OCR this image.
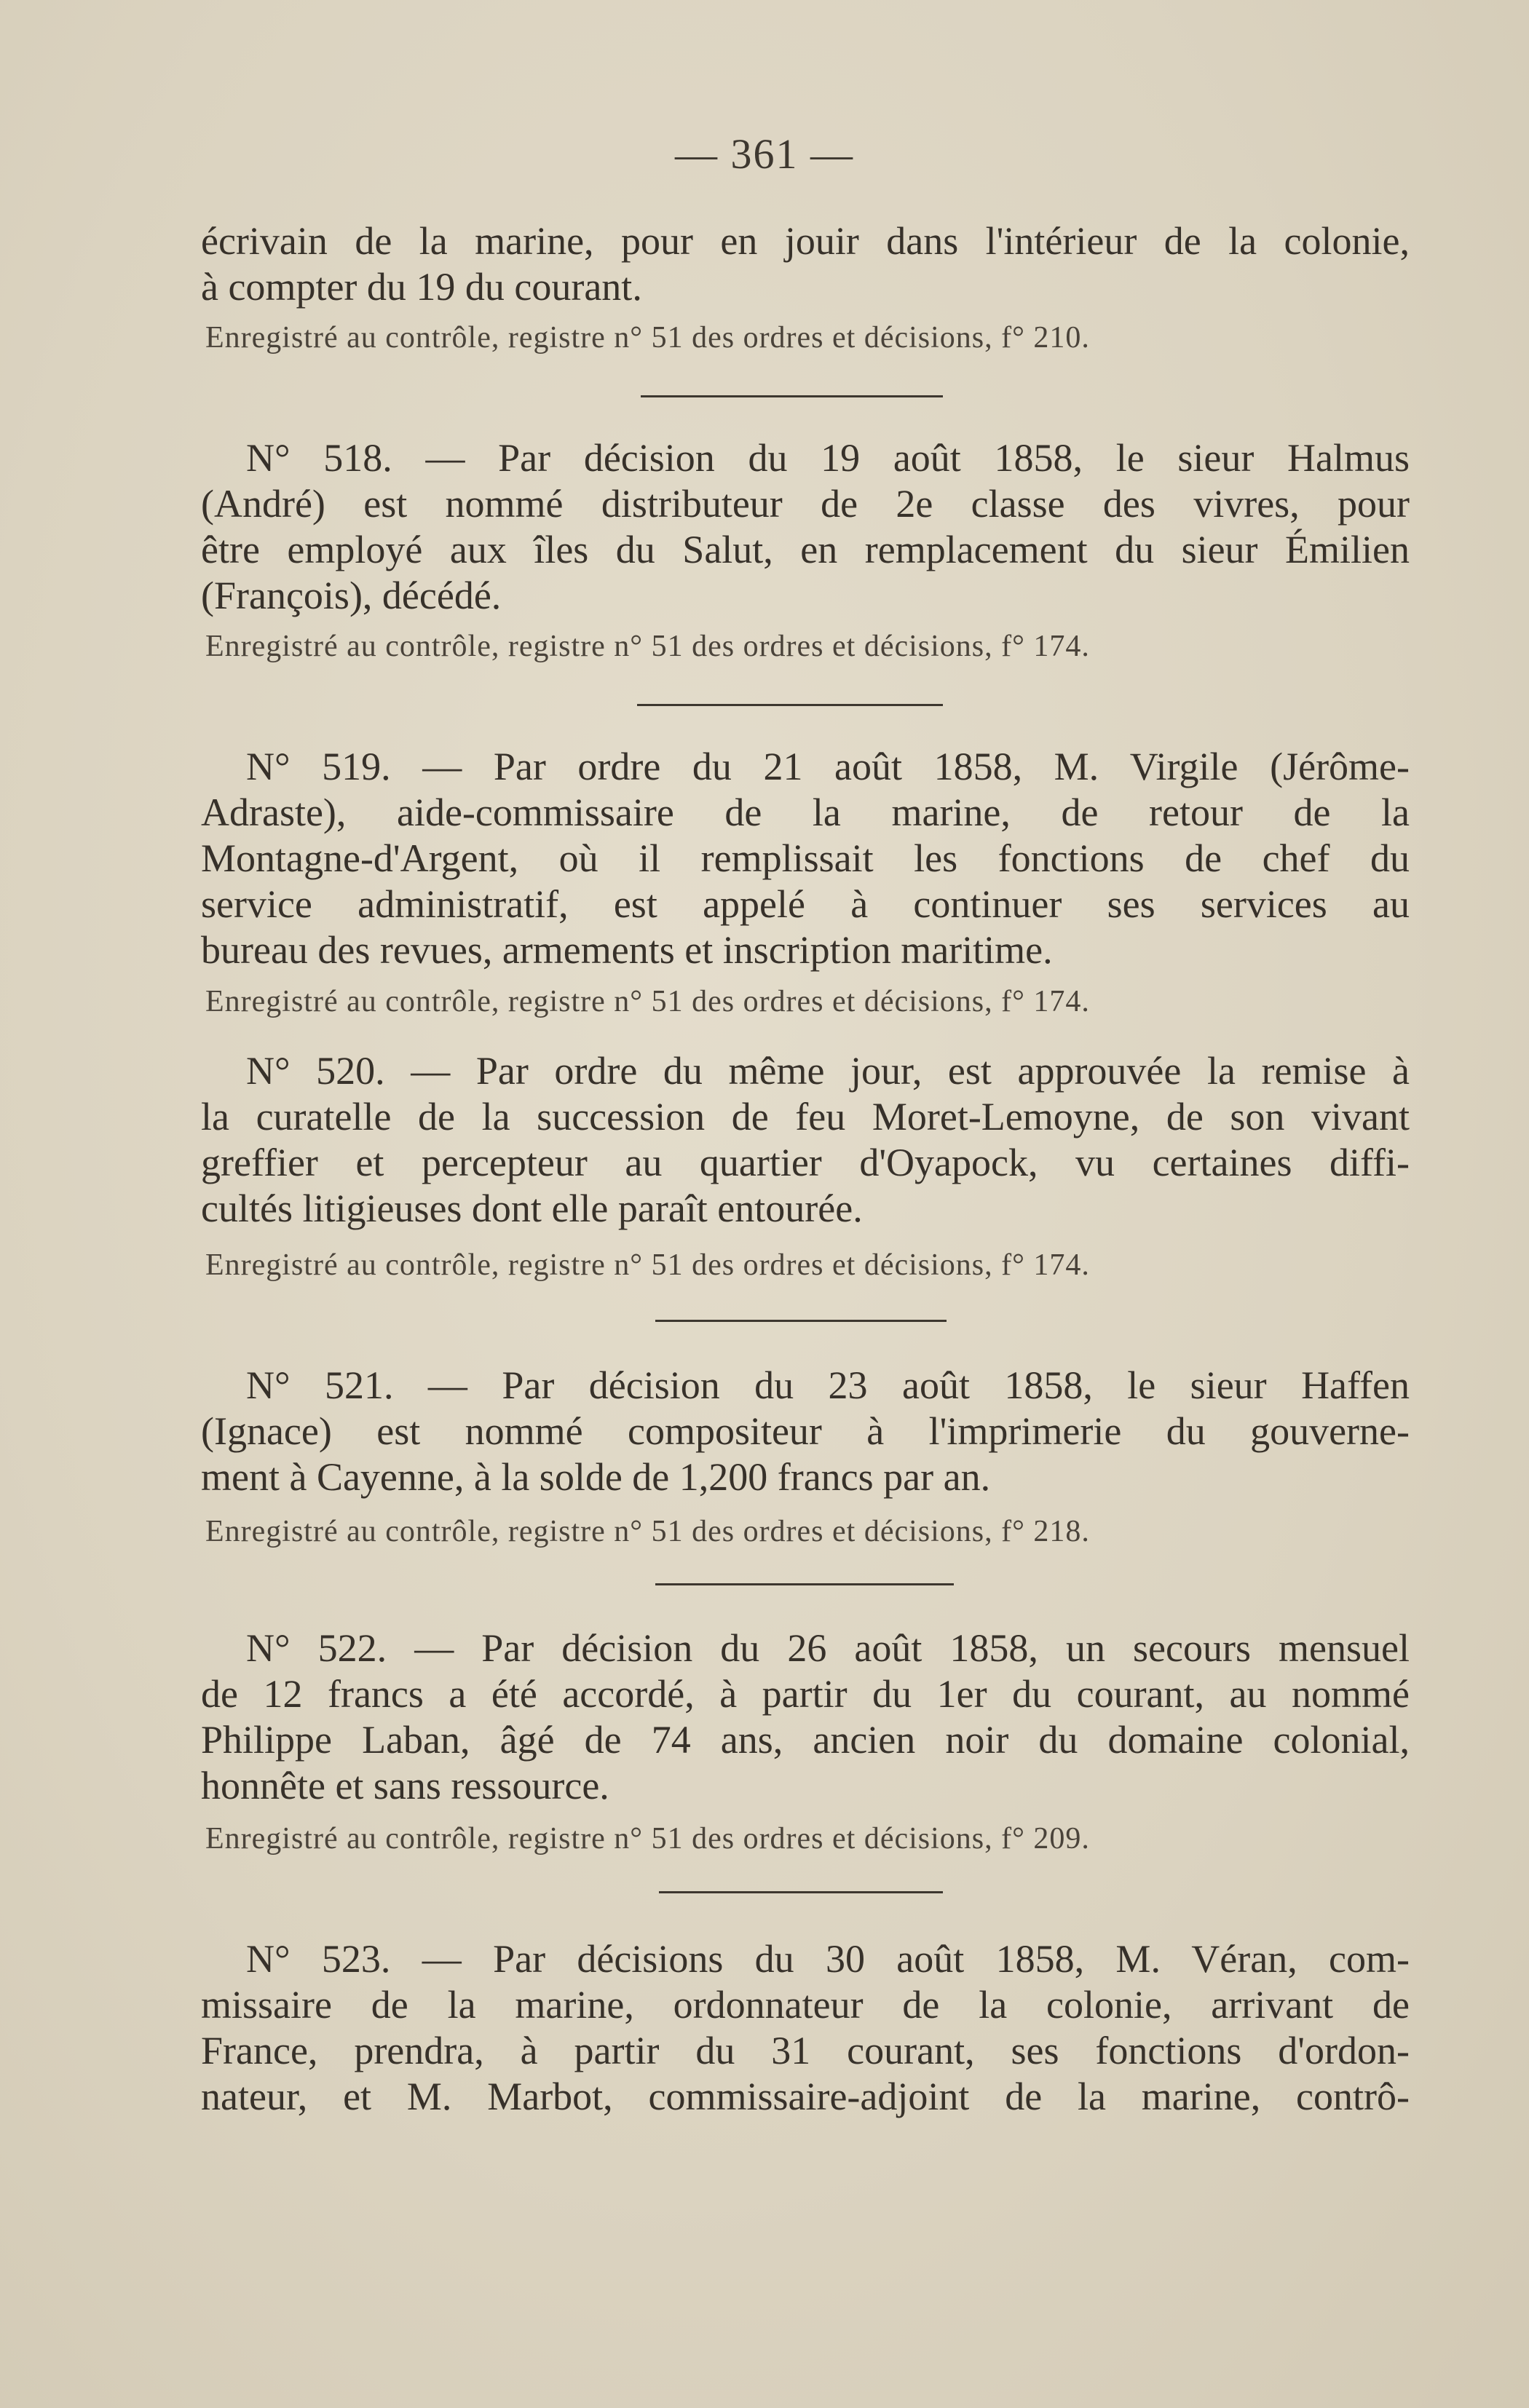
— 361 —
écrivain de la marine, pour en jouir dans l'intérieur de la colonie,
à compter du 19 du courant.
Enregistré au contrôle, registre n° 51 des ordres et décisions, f° 210.
N° 518. — Par décision du 19 août 1858, le sieur Halmus
(André) est nommé distributeur de 2e classe des vivres, pour
être employé aux îles du Salut, en remplacement du sieur Émilien
(François), décédé.
Enregistré au contrôle, registre n° 51 des ordres et décisions, f° 174.
N° 519. — Par ordre du 21 août 1858, M. Virgile (Jérôme-
Adraste), aide-commissaire de la marine, de retour de la
Montagne-d'Argent, où il remplissait les fonctions de chef du
service administratif, est appelé à continuer ses services au
bureau des revues, armements et inscription maritime.
Enregistré au contrôle, registre n° 51 des ordres et décisions, f° 174.
N° 520. — Par ordre du même jour, est approuvée la remise à
la curatelle de la succession de feu Moret-Lemoyne, de son vivant
greffier et percepteur au quartier d'Oyapock, vu certaines diffi-
cultés litigieuses dont elle paraît entourée.
Enregistré au contrôle, registre n° 51 des ordres et décisions, f° 174.
N° 521. — Par décision du 23 août 1858, le sieur Haffen
(Ignace) est nommé compositeur à l'imprimerie du gouverne-
ment à Cayenne, à la solde de 1,200 francs par an.
Enregistré au contrôle, registre n° 51 des ordres et décisions, f° 218.
N° 522. — Par décision du 26 août 1858, un secours mensuel
de 12 francs a été accordé, à partir du 1er du courant, au nommé
Philippe Laban, âgé de 74 ans, ancien noir du domaine colonial,
honnête et sans ressource.
Enregistré au contrôle, registre n° 51 des ordres et décisions, f° 209.
N° 523. — Par décisions du 30 août 1858, M. Véran, com-
missaire de la marine, ordonnateur de la colonie, arrivant de
France, prendra, à partir du 31 courant, ses fonctions d'ordon-
nateur, et M. Marbot, commissaire-adjoint de la marine, contrô-
